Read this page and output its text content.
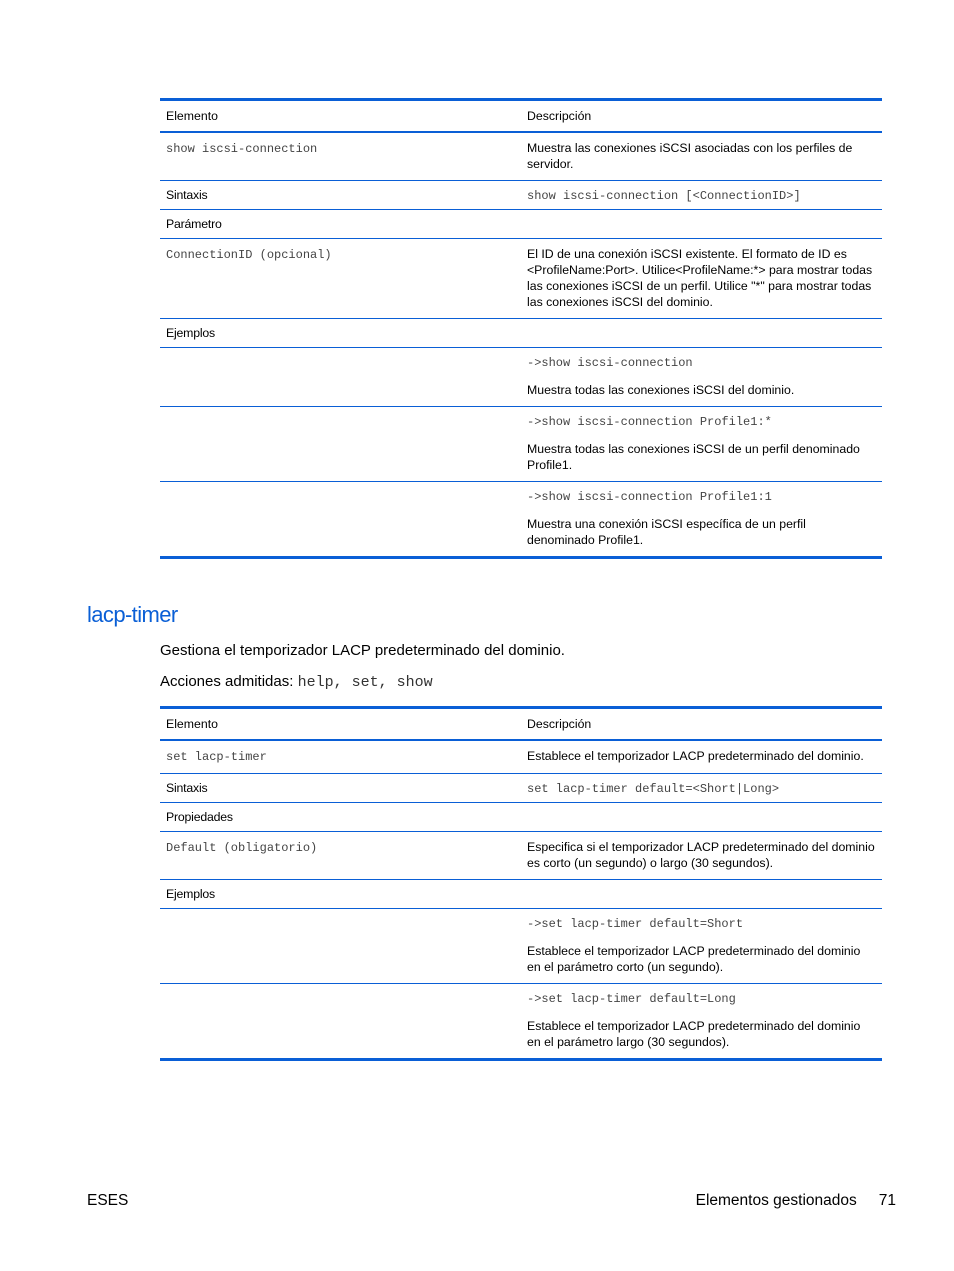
Elemento	Descripción
show iscsi-connection	Muestra las conexiones iSCSI asociadas con los perfiles de servidor.
Sintaxis	show iscsi-connection [<ConnectionID>]
Parámetro	
ConnectionID (opcional)	El ID de una conexión iSCSI existente. El formato de ID es <ProfileName:Port>. Utilice<ProfileName:*> para mostrar todas las conexiones iSCSI de un perfil. Utilice "*" para mostrar todas las conexiones iSCSI del dominio.
Ejemplos	

	->show iscsi-connection
Muestra todas las conexiones iSCSI del dominio.

	->show iscsi-connection Profile1:*
Muestra todas las conexiones iSCSI de un perfil denominado Profile1.

	->show iscsi-connection Profile1:1
Muestra una conexión iSCSI específica de un perfil denominado Profile1.
lacp-timer

Gestiona el temporizador LACP predeterminado del dominio.

Acciones admitidas: help, set, show

Elemento	Descripción
set lacp-timer	Establece el temporizador LACP predeterminado del dominio.
Sintaxis	set lacp-timer default=<Short|Long>
Propiedades	
Default (obligatorio)	Especifica si el temporizador LACP predeterminado del dominio es corto (un segundo) o largo (30 segundos).
Ejemplos	

	->set lacp-timer default=Short
Establece el temporizador LACP predeterminado del dominio en el parámetro corto (un segundo).

	->set lacp-timer default=Long
Establece el temporizador LACP predeterminado del dominio en el parámetro largo (30 segundos).
ESES	Elementos gestionados 71
